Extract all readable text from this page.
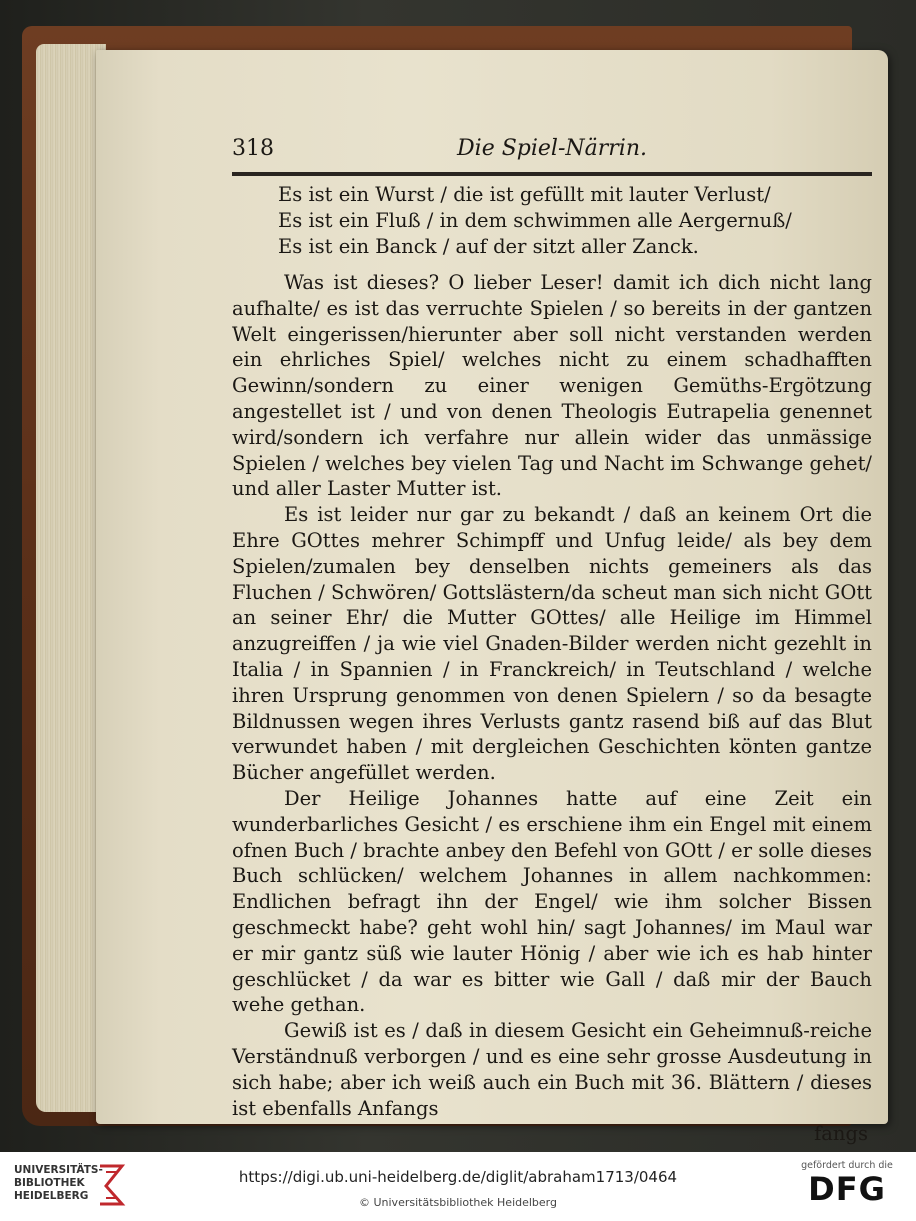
318	Die Spiel-Närrin.
Es ist ein Wurst / die ist gefüllt mit lauter Verlust/
Es ist ein Fluß / in dem schwimmen alle Aergernuß/
Es ist ein Banck / auf der sitzt aller Zanck.

Was ist dieses? O lieber Leser! damit ich dich nicht lang aufhalte/ es ist das verruchte Spielen / so bereits in der gantzen Welt eingerissen/hierunter aber soll nicht verstanden werden ein ehrliches Spiel/ welches nicht zu einem schadhafften Gewinn/sondern zu einer wenigen Gemüths-Ergötzung angestellet ist / und von denen Theologis Eutrapelia genennet wird/sondern ich verfahre nur allein wider das unmässige Spielen / welches bey vielen Tag und Nacht im Schwange gehet/ und aller Laster Mutter ist.

Es ist leider nur gar zu bekandt / daß an keinem Ort die Ehre GOttes mehrer Schimpff und Unfug leide/ als bey dem Spielen/zumalen bey denselben nichts gemeiners als das Fluchen / Schwören/ Gottslästern/da scheut man sich nicht GOtt an seiner Ehr/ die Mutter GOttes/ alle Heilige im Himmel anzugreiffen / ja wie viel Gnaden-Bilder werden nicht gezehlt in Italia / in Spannien / in Franckreich/ in Teutschland / welche ihren Ursprung genommen von denen Spielern / so da besagte Bildnussen wegen ihres Verlusts gantz rasend biß auf das Blut verwundet haben / mit dergleichen Geschichten könten gantze Bücher angefüllet werden.

Der Heilige Johannes hatte auf eine Zeit ein wunderbarliches Gesicht / es erschiene ihm ein Engel mit einem ofnen Buch / brachte anbey den Befehl von GOtt / er solle dieses Buch schlücken/ welchem Johannes in allem nachkommen: Endlichen befragt ihn der Engel/ wie ihm solcher Bissen geschmeckt habe? geht wohl hin/ sagt Johannes/ im Maul war er mir gantz süß wie lauter Hönig / aber wie ich es hab hinter geschlücket / da war es bitter wie Gall / daß mir der Bauch wehe gethan.

Gewiß ist es / daß in diesem Gesicht ein Geheimnuß-reiche Verständnuß verborgen / und es eine sehr grosse Ausdeutung in sich habe; aber ich weiß auch ein Buch mit 36. Blättern / dieses ist ebenfalls Anfangs

fangs
UNIVERSITÄTS-
BIBLIOTHEK
HEIDELBERG
https://digi.ub.uni-heidelberg.de/diglit/abraham1713/0464
© Universitätsbibliothek Heidelberg
gefördert durch die
DFG
